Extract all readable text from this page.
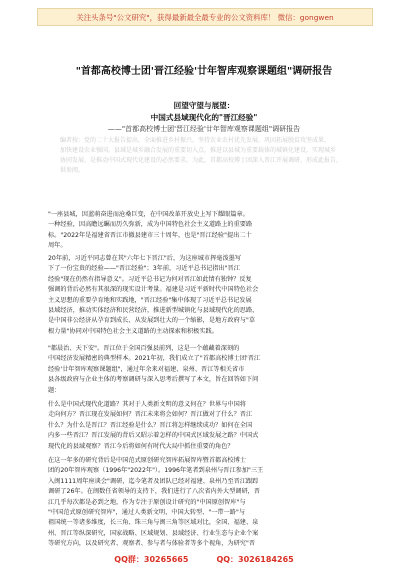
关注头条号"公文研究"，获得最新最全最专业的公文资料库！ 微信：gongwen
"首都高校博士团'晋江经验'廿年智库观察课题组"调研报告
回望守望与展望：
中国式县域现代化的"晋江经验"
——"首都高校博士团'晋江经验'廿年智库观察课题组"调研报告
编者按：党的二十大报告提出，全面推进乡村振兴，坚持农业农村优先发展，巩固拓展脱贫攻坚成果，
加快建设农业强国。县域是城乡融合发展的重要切入点，推进以县城为重要载体的城镇化建设，实现城乡
协同发展，是推动中国式现代化建设的必然要求。为此，首都高校博士团深入晋江开展调研，形成此报告，
供参阅。
"一座县城，因蓝萌奋进而沧桑巨变，在中国改革开放史上写下耀眼篇章。
一种经验，因高瞻远瞩而历久弥新，成为中国特色社会主义道路上的重要路
标。"2022年是福建省晋江市撤县建市三十周年，也是"晋江经验"提出二十
周年。
20年前，习近平同志曾在其"六年七下晋江"后，为这座城市挥毫泼墨写
下了一份宝贵的经验——"晋江经验"；3年前，习近平总书记指出"晋江
经验"现在仍然有指导意义"。习近平总书记为何对晋江如此情有独钟？反复
强调的背后必然有其很深的现实设计考量。福建是习近平新时代中国特色社会
主义思想的重要孕育地和实践地，"晋江经验"集中体现了习近平总书记发展
县域经济，推动实体经济和民营经济，推进新型城镇化与县域现代化的思路，
是中国非公经济从孕育到成长、从发展到壮大的一个缩影，是地方政府与"草
根力量"协同对中国特色社会主义道路的主动探索和积极实践。
"都晨治、天下安"。晋江位于全国百强县前列，这是一个蕴藏着深刻的
中国经济发展精密的典型样本。2021年初，我们成立了"首都高校博士团'晋江
经验'廿年智库观察课题组"，通过年余来对福建、泉州、晋江等相关省市
县各级政府与企业主体的考察调研与深入思考后撰写了本文，旨在回答如下问
题：
什么是中国式现代化道路？其对于人类新文明的意义何在？世界与中国将
走向何方？晋江现在发展如何？晋江未来将会如何？晋江做对了什么？晋江
什么？为什么是晋江？晋江经验是什么？晋江将怎样继续成功？如何在全国
内多一些晋江？晋江发展的背后又昭示着怎样的中国式区域发展之路？中国式
现代化的县域观察？晋江今后将如何有时代大局中抓住重要的角色？
在这一年多的研究背后是中国范式原创研究智库拓展智库暨首都高校博士
团的20年智库观察（1996年"2022年"）。1996年笔者到泉州与晋江参加"三王
入闽1111周年座谈会"调研，迄今笔者及团队已经对福建、泉州乃至晋江跟踪
调研了26年。在闽数任省领导的支持下，我们进行了八次省内外大型调研，晋
江几乎每次都是必到之地，作为专注于原创设计研究的"中国原创智库"与
"中国范式原创研究智库"，通过人类新文明、中国大转型、"一带一路"与
祖国统一等诸多维度，长三角、珠三角与闽三角等区域对比，全国、福建、泉
州、晋江等纵深研究，国家战略、区域规划、县域经济、行业生态与企业个案
等研究方向，以及研究者、观察者、参与者与体验者等多个视角，为研究"晋
QQ群：30265665	QQ：3026184265
